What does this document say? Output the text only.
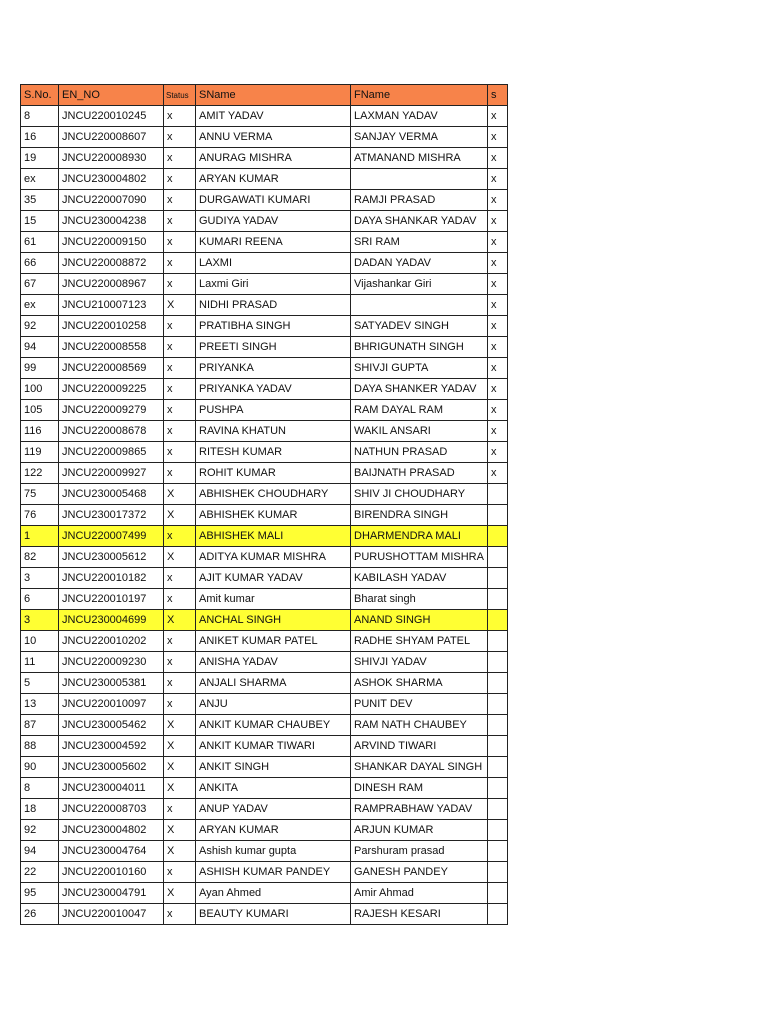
S.No.	EN_NO	Status	SName	FName	s
8	JNCU220010245	x	AMIT YADAV	LAXMAN YADAV	x
16	JNCU220008607	x	ANNU VERMA	SANJAY VERMA	x
19	JNCU220008930	x	ANURAG MISHRA	ATMANAND MISHRA	x
ex	JNCU230004802	x	ARYAN KUMAR		x
35	JNCU220007090	x	DURGAWATI KUMARI	RAMJI PRASAD	x
15	JNCU230004238	x	GUDIYA YADAV	DAYA SHANKAR YADAV	x
61	JNCU220009150	x	KUMARI REENA	SRI RAM	x
66	JNCU220008872	x	LAXMI	DADAN YADAV	x
67	JNCU220008967	x	Laxmi Giri	Vijashankar Giri	x
ex	JNCU210007123	X	NIDHI PRASAD		x
92	JNCU220010258	x	PRATIBHA SINGH	SATYADEV SINGH	x
94	JNCU220008558	x	PREETI SINGH	BHRIGUNATH SINGH	x
99	JNCU220008569	x	PRIYANKA	SHIVJI GUPTA	x
100	JNCU220009225	x	PRIYANKA YADAV	DAYA SHANKER YADAV	x
105	JNCU220009279	x	PUSHPA	RAM DAYAL RAM	x
116	JNCU220008678	x	RAVINA KHATUN	WAKIL ANSARI	x
119	JNCU220009865	x	RITESH KUMAR	NATHUN PRASAD	x
122	JNCU220009927	x	ROHIT KUMAR	BAIJNATH PRASAD	x
75	JNCU230005468	X	ABHISHEK CHOUDHARY	SHIV JI CHOUDHARY	
76	JNCU230017372	X	ABHISHEK KUMAR	BIRENDRA SINGH	
1	JNCU220007499	x	ABHISHEK MALI	DHARMENDRA MALI	
82	JNCU230005612	X	ADITYA KUMAR MISHRA	PURUSHOTTAM MISHRA	
3	JNCU220010182	x	AJIT KUMAR YADAV	KABILASH YADAV	
6	JNCU220010197	x	Amit kumar	Bharat singh	
3	JNCU230004699	X	ANCHAL SINGH	ANAND SINGH	
10	JNCU220010202	x	ANIKET KUMAR PATEL	RADHE SHYAM PATEL	
11	JNCU220009230	x	ANISHA YADAV	SHIVJI YADAV	
5	JNCU230005381	x	ANJALI SHARMA	ASHOK SHARMA	
13	JNCU220010097	x	ANJU	PUNIT DEV	
87	JNCU230005462	X	ANKIT KUMAR CHAUBEY	RAM NATH CHAUBEY	
88	JNCU230004592	X	ANKIT KUMAR TIWARI	ARVIND TIWARI	
90	JNCU230005602	X	ANKIT SINGH	SHANKAR DAYAL SINGH	
8	JNCU230004011	X	ANKITA	DINESH RAM	
18	JNCU220008703	x	ANUP YADAV	RAMPRABHAW YADAV	
92	JNCU230004802	X	ARYAN KUMAR	ARJUN KUMAR	
94	JNCU230004764	X	Ashish kumar gupta	Parshuram prasad	
22	JNCU220010160	x	ASHISH KUMAR PANDEY	GANESH PANDEY	
95	JNCU230004791	X	Ayan Ahmed	Amir Ahmad	
26	JNCU220010047	x	BEAUTY KUMARI	RAJESH KESARI	
